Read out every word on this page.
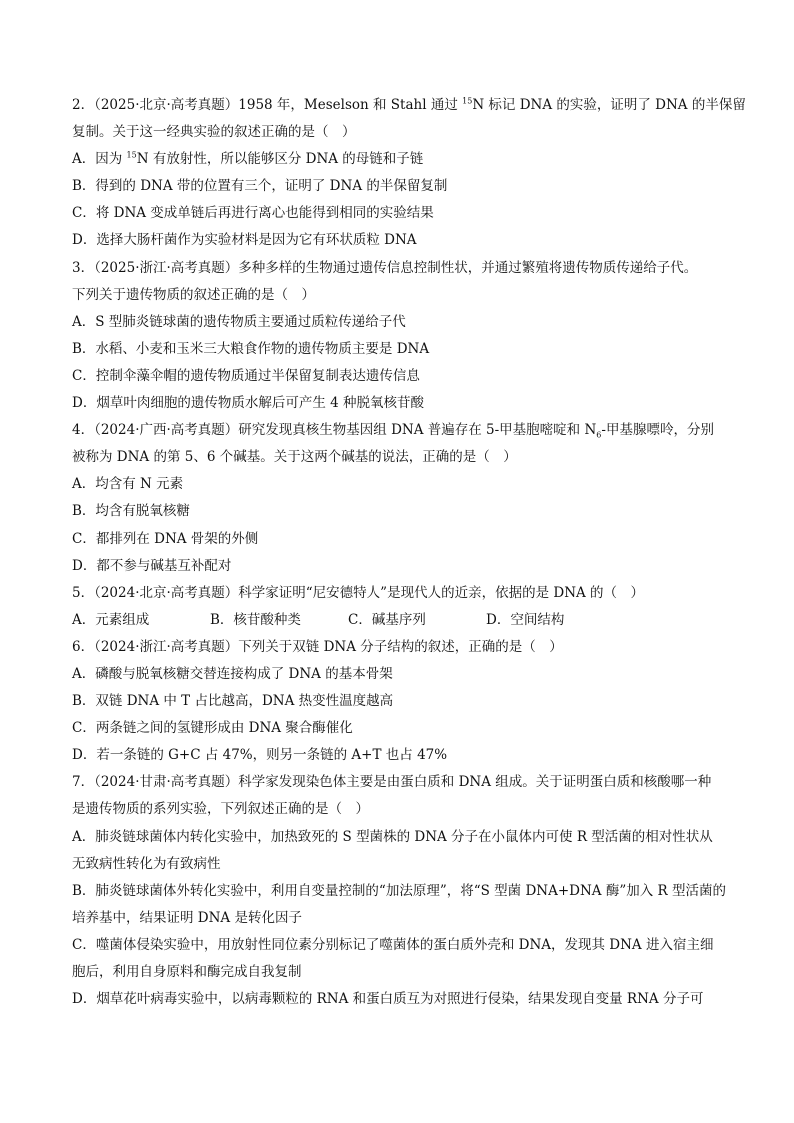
2．（2025·北京·高考真题）1958 年，Meselson 和 Stahl 通过 $^{15}$N 标记 DNA 的实验，证明了 DNA 的半保留
复制。关于这一经典实验的叙述正确的是（　）
A．因为 $^{15}$N 有放射性，所以能够区分 DNA 的母链和子链
B．得到的 DNA 带的位置有三个，证明了 DNA 的半保留复制
C．将 DNA 变成单链后再进行离心也能得到相同的实验结果
D．选择大肠杆菌作为实验材料是因为它有环状质粒 DNA
3．（2025·浙江·高考真题）多种多样的生物通过遗传信息控制性状，并通过繁殖将遗传物质传递给子代。
下列关于遗传物质的叙述正确的是（　）
A．S 型肺炎链球菌的遗传物质主要通过质粒传递给子代
B．水稻、小麦和玉米三大粮食作物的遗传物质主要是 DNA
C．控制伞藻伞帽的遗传物质通过半保留复制表达遗传信息
D．烟草叶肉细胞的遗传物质水解后可产生 4 种脱氧核苷酸
4．（2024·广西·高考真题）研究发现真核生物基因组 DNA 普遍存在 5-甲基胞嘧啶和 $N_6-$甲基腺嘌呤，分别
被称为 DNA 的第 5、6 个碱基。关于这两个碱基的说法，正确的是（　）
A．均含有 N 元素
B．均含有脱氧核糖
C．都排列在 DNA 骨架的外侧
D．都不参与碱基互补配对
5．（2024·北京·高考真题）科学家证明“尼安德特人”是现代人的近亲，依据的是 DNA 的（　）
A．元素组成	B．核苷酸种类	C．碱基序列	D．空间结构
6．（2024·浙江·高考真题）下列关于双链 DNA 分子结构的叙述，正确的是（　）
A．磷酸与脱氧核糖交替连接构成了 DNA 的基本骨架
B．双链 DNA 中 T 占比越高，DNA 热变性温度越高
C．两条链之间的氢键形成由 DNA 聚合酶催化
D．若一条链的 G+C 占 47%，则另一条链的 A+T 也占 47%
7．（2024·甘肃·高考真题）科学家发现染色体主要是由蛋白质和 DNA 组成。关于证明蛋白质和核酸哪一种
是遗传物质的系列实验，下列叙述正确的是（　）
A．肺炎链球菌体内转化实验中，加热致死的 S 型菌株的 DNA 分子在小鼠体内可使 R 型活菌的相对性状从
无致病性转化为有致病性
B．肺炎链球菌体外转化实验中，利用自变量控制的“加法原理”，将“S 型菌 DNA+DNA 酶”加入 R 型活菌的
培养基中，结果证明 DNA 是转化因子
C．噬菌体侵染实验中，用放射性同位素分别标记了噬菌体的蛋白质外壳和 DNA，发现其 DNA 进入宿主细
胞后，利用自身原料和酶完成自我复制
D．烟草花叶病毒实验中，以病毒颗粒的 RNA 和蛋白质互为对照进行侵染，结果发现自变量 RNA 分子可
